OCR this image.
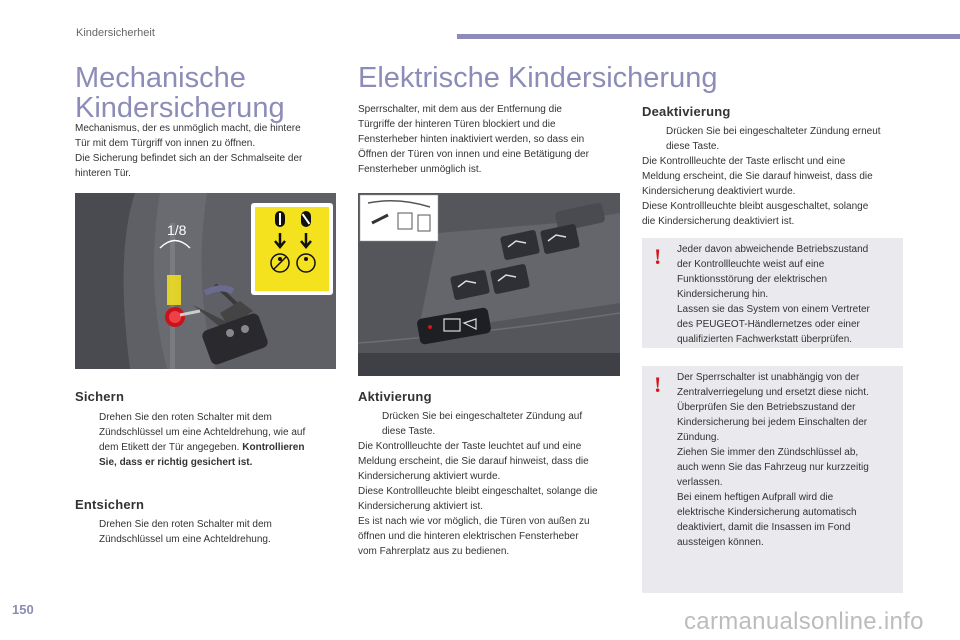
Kindersicherheit
Mechanische
Kindersicherung
Mechanismus, der es unmöglich macht, die hintere
Tür mit dem Türgriff von innen zu öffnen.
Die Sicherung befindet sich an der Schmalseite der
hinteren Tür.
1/8
Sichern
Drehen Sie den roten Schalter mit dem
Zündschlüssel um eine Achteldrehung, wie auf
dem Etikett der Tür angegeben. Kontrollieren
Sie, dass er richtig gesichert ist.
Entsichern
Drehen Sie den roten Schalter mit dem
Zündschlüssel um eine Achteldrehung.
Elektrische Kindersicherung
Sperrschalter, mit dem aus der Entfernung die
Türgriffe der hinteren Türen blockiert und die
Fensterheber hinten inaktiviert werden, so dass ein
Öffnen der Türen von innen und eine Betätigung der
Fensterheber unmöglich ist.
Aktivierung
Drücken Sie bei eingeschalteter Zündung auf
diese Taste.
Die Kontrollleuchte der Taste leuchtet auf und eine
Meldung erscheint, die Sie darauf hinweist, dass die
Kindersicherung aktiviert wurde.
Diese Kontrollleuchte bleibt eingeschaltet, solange die
Kindersicherung aktiviert ist.
Es ist nach wie vor möglich, die Türen von außen zu
öffnen und die hinteren elektrischen Fensterheber
vom Fahrerplatz aus zu bedienen.
Deaktivierung
Drücken Sie bei eingeschalteter Zündung erneut
diese Taste.
Die Kontrollleuchte der Taste erlischt und eine
Meldung erscheint, die Sie darauf hinweist, dass die
Kindersicherung deaktiviert wurde.
Diese Kontrollleuchte bleibt ausgeschaltet, solange
die Kindersicherung deaktiviert ist.
! Jeder davon abweichende Betriebszustand
der Kontrollleuchte weist auf eine
Funktionsstörung der elektrischen
Kindersicherung hin.
Lassen sie das System von einem Vertreter
des PEUGEOT-Händlernetzes oder einer
qualifizierten Fachwerkstatt überprüfen.
! Der Sperrschalter ist unabhängig von der
Zentralverriegelung und ersetzt diese nicht.
Überprüfen Sie den Betriebszustand der
Kindersicherung bei jedem Einschalten der
Zündung.
Ziehen Sie immer den Zündschlüssel ab,
auch wenn Sie das Fahrzeug nur kurzzeitig
verlassen.
Bei einem heftigen Aufprall wird die
elektrische Kindersicherung automatisch
deaktiviert, damit die Insassen im Fond
aussteigen können.
150	carmanualsonline.info
